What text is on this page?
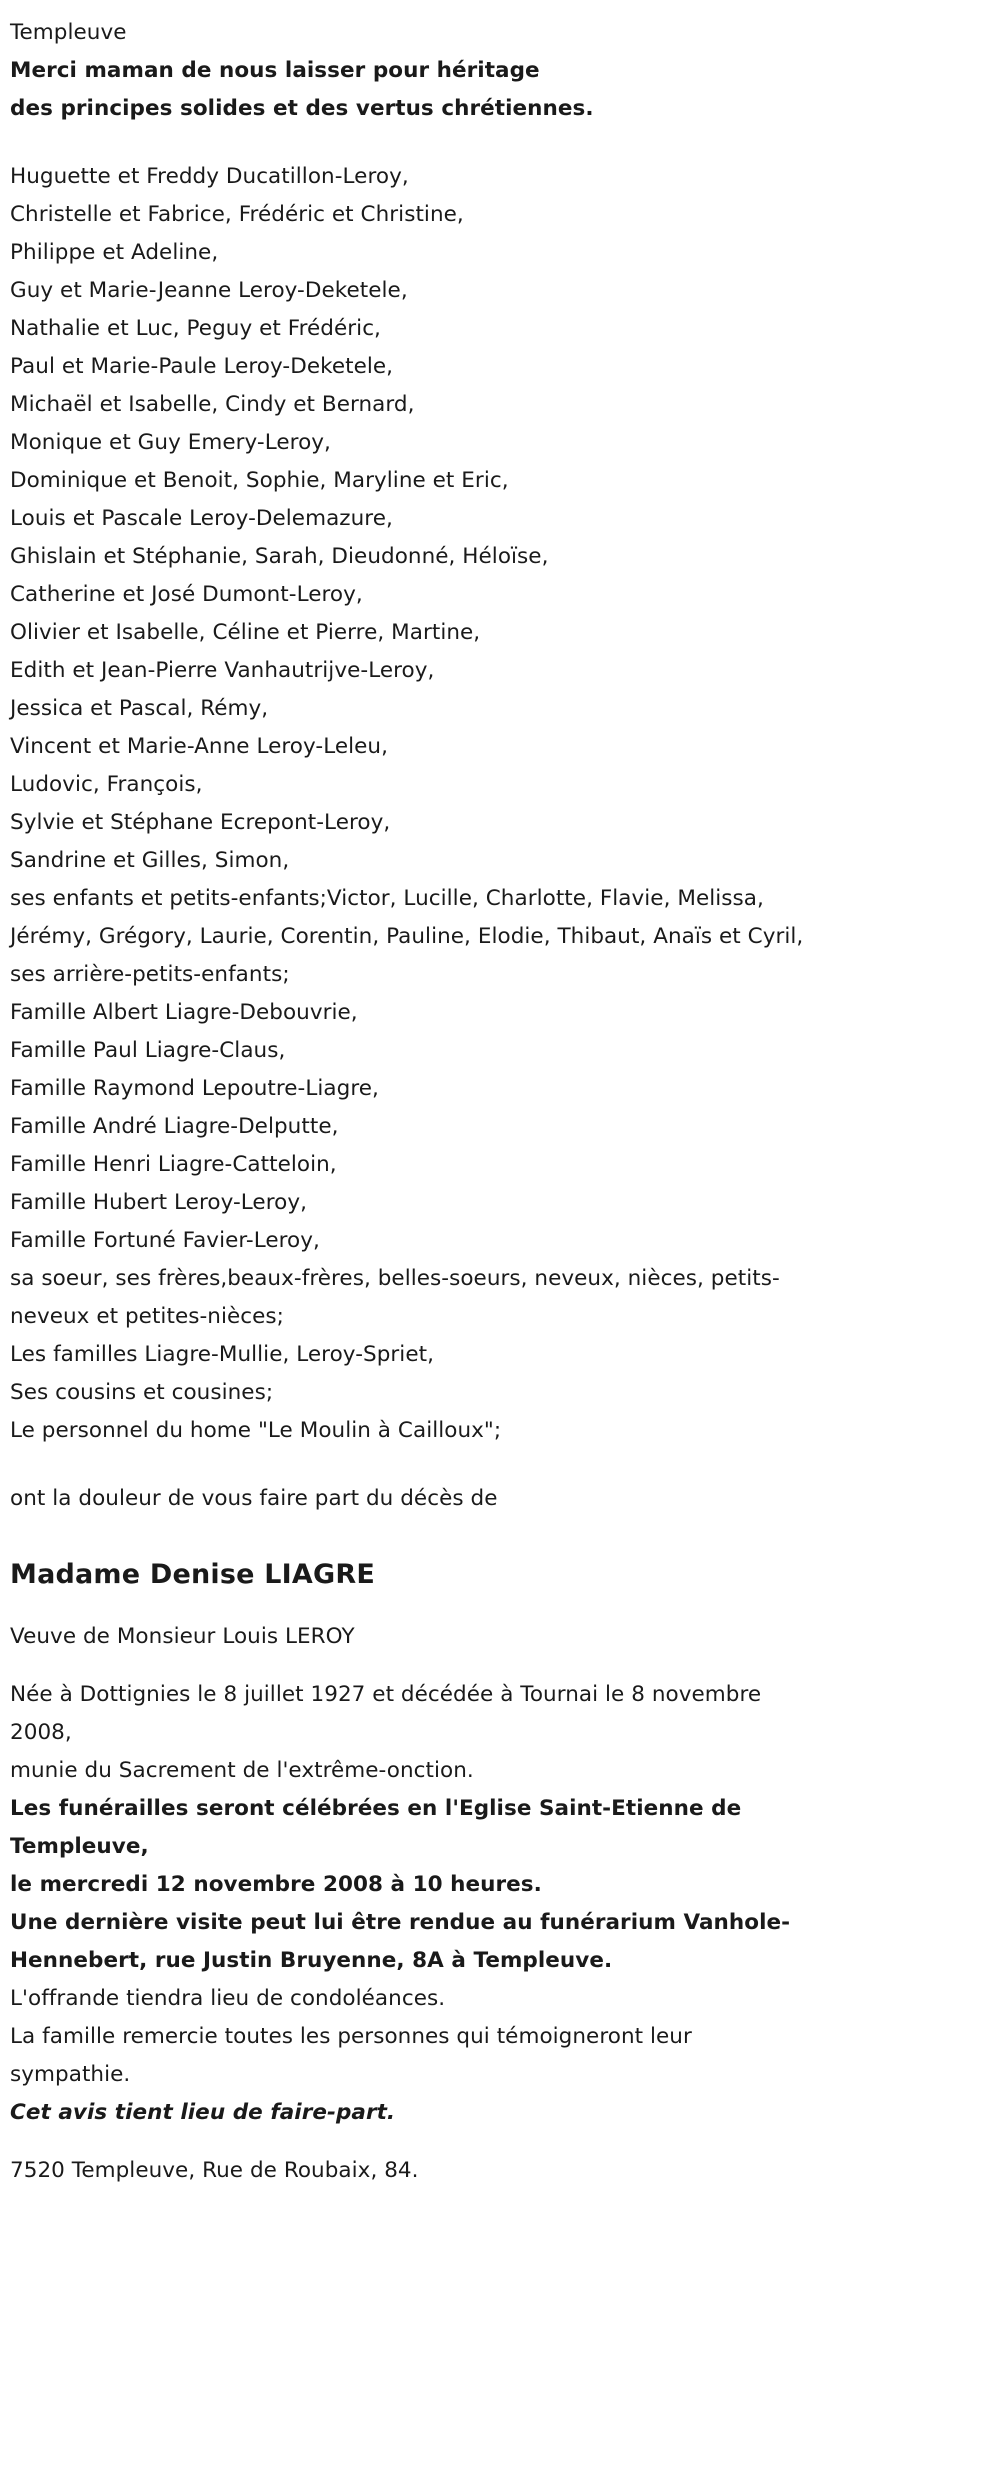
Templeuve
Merci maman de nous laisser pour héritage
des principes solides et des vertus chrétiennes.
Huguette et Freddy Ducatillon-Leroy,
Christelle et Fabrice, Frédéric et Christine,
Philippe et Adeline,
Guy et Marie-Jeanne Leroy-Deketele,
Nathalie et Luc, Peguy et Frédéric,
Paul et Marie-Paule Leroy-Deketele,
Michaël et Isabelle, Cindy et Bernard,
Monique et Guy Emery-Leroy,
Dominique et Benoit, Sophie, Maryline et Eric,
Louis et Pascale Leroy-Delemazure,
Ghislain et Stéphanie, Sarah, Dieudonné, Héloïse,
Catherine et José Dumont-Leroy,
Olivier et Isabelle, Céline et Pierre, Martine,
Edith et Jean-Pierre Vanhautrijve-Leroy,
Jessica et Pascal, Rémy,
Vincent et Marie-Anne Leroy-Leleu,
Ludovic, François,
Sylvie et Stéphane Ecrepont-Leroy,
Sandrine et Gilles, Simon,
ses enfants et petits-enfants;Victor, Lucille, Charlotte, Flavie, Melissa,
Jérémy, Grégory, Laurie, Corentin, Pauline, Elodie, Thibaut, Anaïs et Cyril,
ses arrière-petits-enfants;
Famille Albert Liagre-Debouvrie,
Famille Paul Liagre-Claus,
Famille Raymond Lepoutre-Liagre,
Famille André Liagre-Delputte,
Famille Henri Liagre-Catteloin,
Famille Hubert Leroy-Leroy,
Famille Fortuné Favier-Leroy,
sa soeur, ses frères,beaux-frères, belles-soeurs, neveux, nièces, petits-
neveux et petites-nièces;
Les familles Liagre-Mullie, Leroy-Spriet,
Ses cousins et cousines;
Le personnel du home "Le Moulin à Cailloux";
ont la douleur de vous faire part du décès de
Madame Denise LIAGRE
Veuve de Monsieur Louis LEROY
Née à Dottignies le 8 juillet 1927 et décédée à Tournai le 8 novembre
2008,
munie du Sacrement de l'extrême-onction.
Les funérailles seront célébrées en l'Eglise Saint-Etienne de
Templeuve,
le mercredi 12 novembre 2008 à 10 heures.
Une dernière visite peut lui être rendue au funérarium Vanhole-
Hennebert, rue Justin Bruyenne, 8A à Templeuve.
L'offrande tiendra lieu de condoléances.
La famille remercie toutes les personnes qui témoigneront leur
sympathie.
Cet avis tient lieu de faire-part.
7520 Templeuve, Rue de Roubaix, 84.
